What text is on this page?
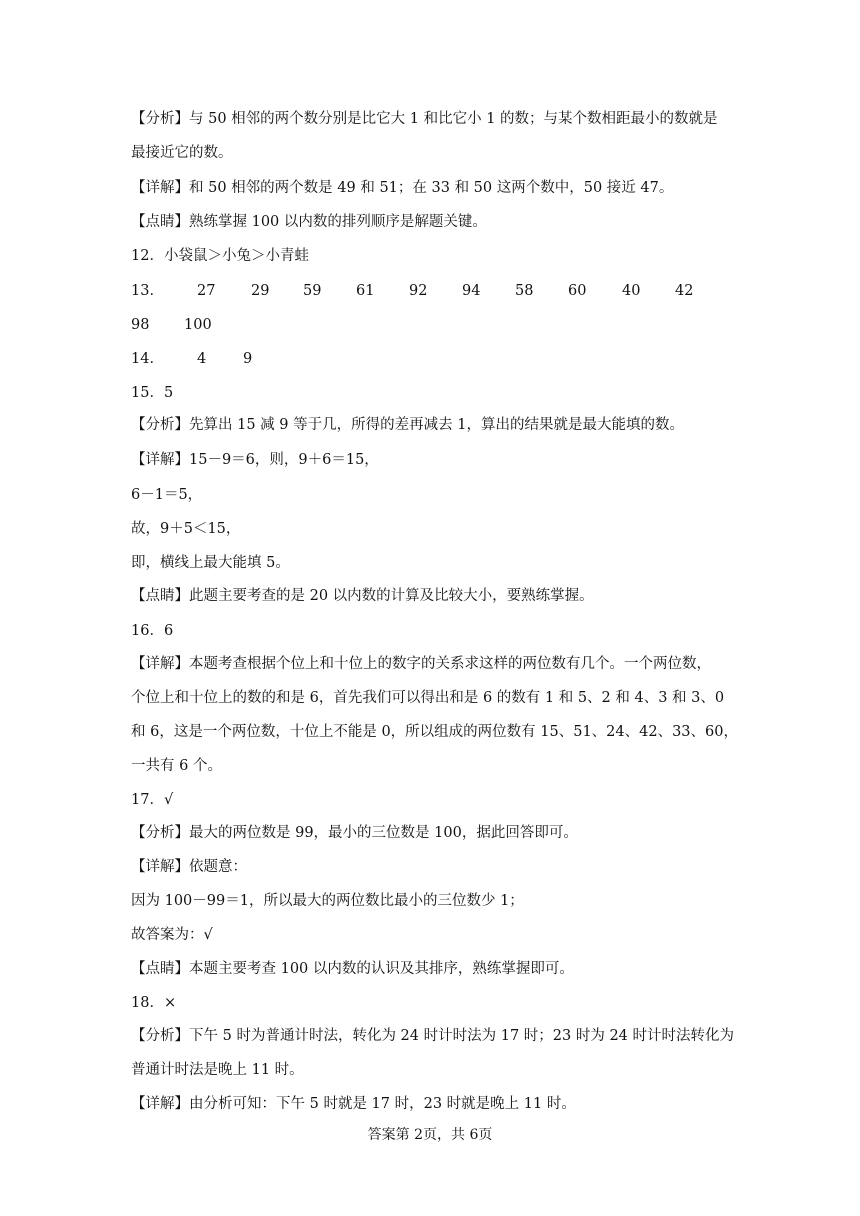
【分析】与 50 相邻的两个数分别是比它大 1 和比它小 1 的数；与某个数相距最小的数就是
最接近它的数。
【详解】和 50 相邻的两个数是 49 和 51；在 33 和 50 这两个数中，50 接近 47。
【点睛】熟练掌握 100 以内数的排列顺序是解题关键。
12．小袋鼠＞小兔＞小青蛙
13． 27 29 59 61 92 94 58 60 40 42
98 100
14． 4	9
15．5
【分析】先算出 15 减 9 等于几，所得的差再减去 1，算出的结果就是最大能填的数。
【详解】15－9＝6，则，9＋6＝15，
6－1＝5，
故，9＋5＜15，
即，横线上最大能填 5。
【点睛】此题主要考查的是 20 以内数的计算及比较大小，要熟练掌握。
16．6
【详解】本题考查根据个位上和十位上的数字的关系求这样的两位数有几个。一个两位数，
个位上和十位上的数的和是 6，首先我们可以得出和是 6 的数有 1 和 5、2 和 4、3 和 3、0
和 6，这是一个两位数，十位上不能是 0，所以组成的两位数有 15、51、24、42、33、60，
一共有 6 个。
17．√
【分析】最大的两位数是 99，最小的三位数是 100，据此回答即可。
【详解】依题意：
因为 100－99＝1，所以最大的两位数比最小的三位数少 1；
故答案为：√
【点睛】本题主要考查 100 以内数的认识及其排序，熟练掌握即可。
18．×
【分析】下午 5 时为普通计时法，转化为 24 时计时法为 17 时；23 时为 24 时计时法转化为
普通计时法是晚上 11 时。
【详解】由分析可知：下午 5 时就是 17 时，23 时就是晚上 11 时。
答案第 2页，共 6页
